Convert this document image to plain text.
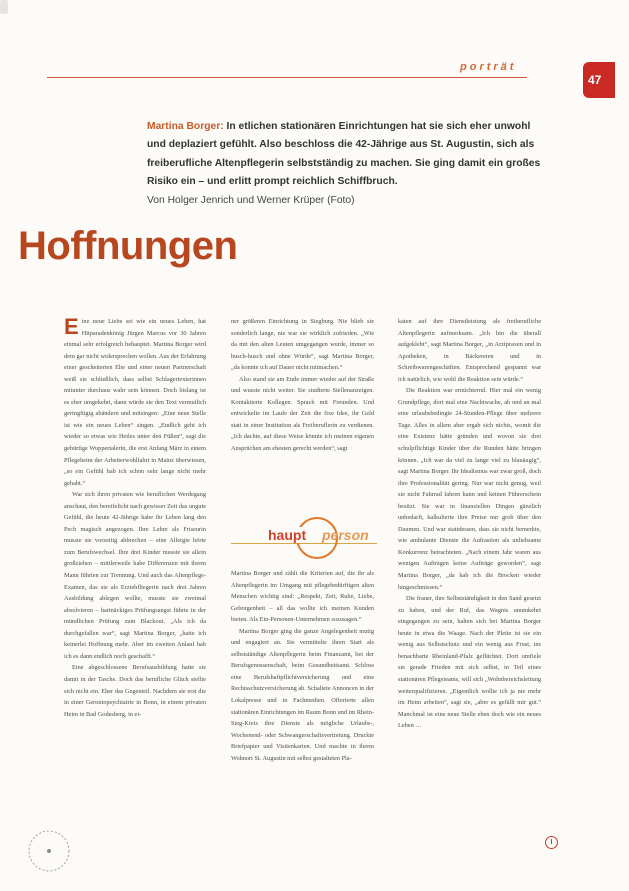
porträt
47
Martina Borger: In etlichen stationären Einrichtungen hat sie sich eher unwohl und deplaziert gefühlt. Also beschloss die 42-Jährige aus St. Augustin, sich als freiberufliche Altenpflegerin selbstständig zu machen. Sie ging damit ein großes Risiko ein – und erlitt prompt reichlich Schiffbruch.
Von Holger Jenrich und Werner Krüper (Foto)
Hoffnungen

Eine neue Liebe sei wie ein neues Leben, hat Hitparadenkönig Jürgen Marcus vor 30 Jahren einmal sehr erfolgreich behauptet. Martina Borger wird dem gar nicht widersprechen wollen. Aus der Erfahrung einer gescheiterten Ehe und einer neuen Partnerschaft weiß sie schließlich, dass selbst Schlagertexterinnen mitunter durchaus wahr sein können. Doch bislang ist es eher umgekehrt, dann würde sie den Text vermutlich geringfügig abändern und mitsingen: „Eine neue Stelle ist wie ein neues Leben“ singen. „Endlich geht ich wieder so etwas wie Heiles unter den Füßen“, sagt die gebürtige Wuppertalerin, die erst Anfang März in einem Pflegeheim der Arbeiterwohlfahrt in Mainz überwiesen, „so ein Gefühl hab ich schon sehr lange nicht mehr gehabt.“

War sich ihren privaten wie beruflichen Werdegang anschaut, den bereifelicht nach gewisser Zeit das ungute Gefühl, die heute 42-Jährige habe ihr Leben lang den Pech magisch angezogen. Ihre Lehre als Friseurin musste sie vorzeitig abbrechen – eine Allergie hörte zum Berufswechsel. Ihre drei Kinder musste sie allein großziehen – mittlerweile habe Differenzen mit ihrem Mann führten zur Trennung. Und auch das Altenpflege-Examen, das sie als Erziehfliegerin nach drei Jahren Ausbildung ablegen wollte, musste sie zweimal absolvieren – hartnäckiges Prüfungsangst führte in der mündlichen Prüfung zum Blackout. „Als ich da durchgefallen war“, sagt Martina Borger, „hatte ich keinerlei Hoffnung mehr. Aber im zweiten Anlauf hab ich es dann endlich noch geschafft.“

Eine abgeschlossene Berufsausbildung hatte sie damit in der Tasche. Doch das berufliche Glück stellte sich nicht ein. Eher das Gegenteil. Nachdem sie erst die in einer Gerontopsychiatrie in Bonn, in einem privaten Heim in Bad Godesberg, in ei-

ner größeren Einrichtung in Siegburg. Nie blieb sie sonderlich lange, nie war sie wirklich zufrieden. „Wie da mit den alten Leuten umgegangen wurde, immer so husch-husch und ohne Würde“, sagt Martina Borger, „da konnte ich auf Dauer nicht mitmachen.“

Also stand sie am Ende immer wieder auf der Straße und wusste nicht weiter. Sie studierte Stellenanzeigen. Kontaktierte Kollegen. Sprach mit Freunden. Und entwickelte im Laufe der Zeit die fixe Idee, ihr Geld statt in einer Institution als Freiberuflerin zu verdienen. „Ich dachte, auf diese Weise könnte ich meinen eigenen Ansprüchen am ehesten gerecht werden“, sagt

haupt person

Martina Borger und zählt die Kriterien auf, die ihr als Altenpflegerin im Umgang mit pflegebedürftigen alten Menschen wichtig sind: „Respekt, Zeit, Ruhe, Liebe, Geborgenheit – all das wollte ich meinen Kunden bieten. Als Ein-Personen-Unternehmen sozusagen.“

Martina Borger ging die ganze Angelegenheit mutig und engagiert an. Sie vermittelte ihren Start als selbstständige Altenpflegerin beim Finanzamt, bei der Berufsgenossenschaft, beim Gesundheitsamt. Schloss eine Berufshaftpflichtversicherung und eine Rechtsschutzversicherung ab. Schaltete Annoncen in der Lokalpresse und in Fachmedien. Offerierte allen stationären Einrichtungen im Raum Bonn und im Rhein-Sieg-Kreis ihre Dienste als mögliche Urlaubs-, Wochenend- oder Schwangerschaftsvertretung. Druckte Briefpapier und Visitenkarten. Und machte in ihrem Wohnort St. Augustin mit selbst gestalteten Pla-

katen auf ihre Dienstleistung als freiberufliche Altenpflegerin aufmerksam. „Ich bin die überall aufgeklebt“, sagt Martina Borger, „in Arztpraxen und in Apotheken, in Bäckereien und in Schreibwarengeschäften. Entsprechend gespannt war ich natürlich, wie wohl die Reaktion sein würde.“

Die Reaktion war ernüchternd. Hier mal ein wenig Grundpflege, dort mal eine Nachtwache, ab und an mal eine urlaubsbedingte 24-Stunden-Pflege über mehrere Tage. Alles in allem aber ergab sich nichts, womit die eine Existenz hätte gründen und wovon sie drei schulpflichtige Kinder über die Runden hätte bringen können. „Ich war da viel zu lange viel zu blauäugig“, sagt Martina Borger. Ihr Idealismus war zwar groß, doch ihre Professionalität gering. Nur war nicht genug, weil sie nicht Fahrrad fahren kann und keinen Führerschein besitzt. Sie war in finanziellen Dingen gänzlich unbedarft, kalkulierte ihre Preise nur grob über den Daumen. Und war stattdessen, dass sie nicht bemerkte, wie ambulante Dienste die Aufrastion als unliebsame Konkurrenz betrachteten. „Nach einem Jahr waren aus wenigen Aufträgen keine Aufträge geworden“, sagt Martina Borger, „da hab ich die Brocken wieder hingeschmissen.“

Die frauer, ihre Selbstständigkeit in den Sand gesetzt zu haben, und der Ruf, das Wagnis unumkehrt eingegangen zu sein, halten sich bei Martina Borger heute in etwa die Waage. Nach der Pleite ist sie ein wenig aus Selbstschutz und ein wenig aus Frust, ins benachbarte Rheinland-Pfalz geflüchtet. Dort umfiele sie gerade Frieden mit sich selbst, in Teil eines stationären Pflegeteams, will sich „Wohnbereichsleitung weiterqualifizieren. „Eigentlich wollte ich ja nie mehr im Heim arbeiten“, sagt sie, „aber es gefällt mir gut.“ Manchmal ist eine neue Stelle eben doch wie ein neues Leben …

I
